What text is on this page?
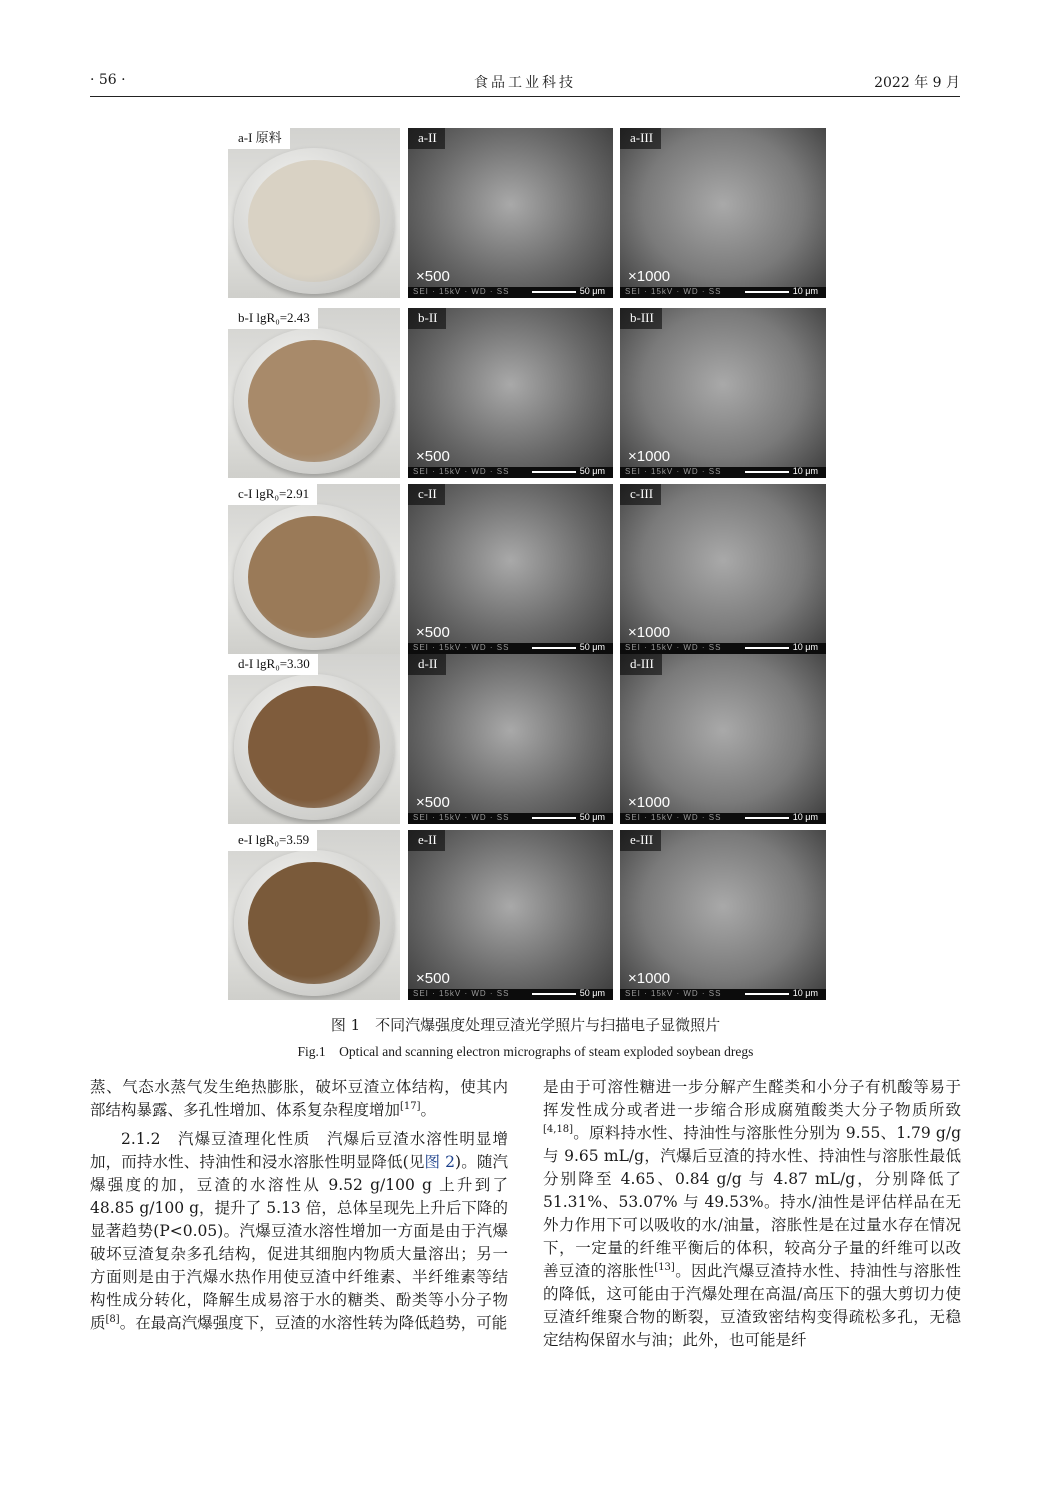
· 56 ·	食品工业科技	2022 年 9 月
a-I 原料	a-II
×500
SEI · 15kV · WD · SS	50 μm
a-III
×1000
SEI · 15kV · WD · SS	10 μm
b-I lgR₀=2.43	b-II
×500
SEI · 15kV · WD · SS	50 μm
b-III
×1000
SEI · 15kV · WD · SS	10 μm
c-I lgR₀=2.91	c-II
×500
SEI · 15kV · WD · SS	50 μm
c-III
×1000
SEI · 15kV · WD · SS	10 μm
d-I lgR₀=3.30	d-II
×500
SEI · 15kV · WD · SS	50 μm
d-III
×1000
SEI · 15kV · WD · SS	10 μm
e-I lgR₀=3.59	e-II
×500
SEI · 15kV · WD · SS	50 μm
e-III
×1000
SEI · 15kV · WD · SS	10 μm
图 1　不同汽爆强度处理豆渣光学照片与扫描电子显微照片
Fig.1　Optical and scanning electron micrographs of steam exploded soybean dregs

蒸、气态水蒸气发生绝热膨胀，破坏豆渣立体结构，使其内部结构暴露、多孔性增加、体系复杂程度增加[17]。

2.1.2　汽爆豆渣理化性质　汽爆后豆渣水溶性明显增加，而持水性、持油性和浸水溶胀性明显降低(见图 2)。随汽爆强度的加，豆渣的水溶性从 9.52 g/100 g 上升到了 48.85 g/100 g，提升了 5.13 倍，总体呈现先上升后下降的显著趋势(P<0.05)。汽爆豆渣水溶性增加一方面是由于汽爆破坏豆渣复杂多孔结构，促进其细胞内物质大量溶出；另一方面则是由于汽爆水热作用使豆渣中纤维素、半纤维素等结构性成分转化，降解生成易溶于水的糖类、酚类等小分子物质[8]。在最高汽爆强度下，豆渣的水溶性转为降低趋势，可能

是由于可溶性糖进一步分解产生醛类和小分子有机酸等易于挥发性成分或者进一步缩合形成腐殖酸类大分子物质所致[4,18]。原料持水性、持油性与溶胀性分别为 9.55、1.79 g/g 与 9.65 mL/g，汽爆后豆渣的持水性、持油性与溶胀性最低分别降至 4.65、0.84 g/g 与 4.87 mL/g，分别降低了 51.31%、53.07% 与 49.53%。持水/油性是评估样品在无外力作用下可以吸收的水/油量，溶胀性是在过量水存在情况下，一定量的纤维平衡后的体积，较高分子量的纤维可以改善豆渣的溶胀性[13]。因此汽爆豆渣持水性、持油性与溶胀性的降低，这可能由于汽爆处理在高温/高压下的强大剪切力使豆渣纤维聚合物的断裂，豆渣致密结构变得疏松多孔，无稳定结构保留水与油；此外，也可能是纤
